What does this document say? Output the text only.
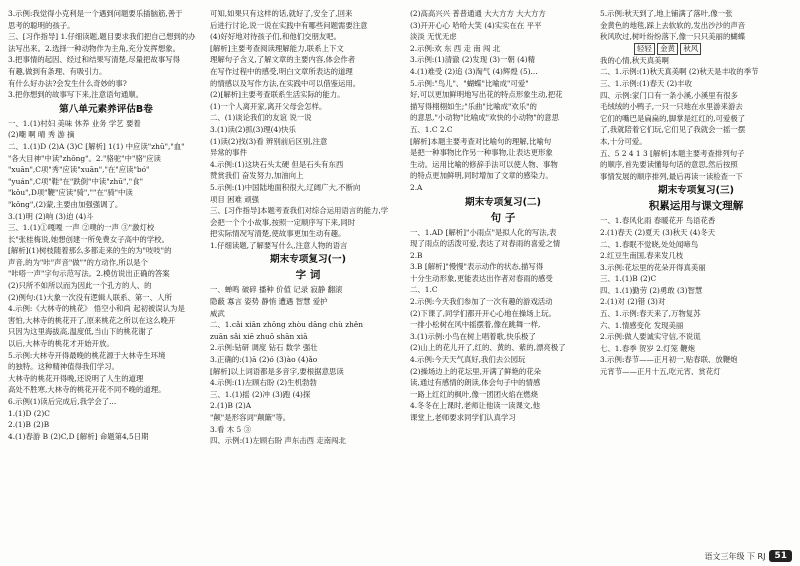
3.示例:我觉得小克利是一个遇到问题要乐插脑筋,善于
思考的聪明的孩子。
三、[习作指导] 1.仔细读题,题目要求我们把自己想到的办
法写出来。2.选择一种动物作为主角,充分发挥想象。
3.把事情的起因、经过和结果写清楚,尽量把故事写得
有趣,做到有条理、有吸引力。
有什么好办法?会发生什么奇妙的事?
3.把你想到的故事写下来,注意语句通顺。
第八单元素养评估B卷
一、1.(1)村妇 美味 休养 业务 学艺 要着
(2)嘲 啊 晴 秀 游 摘
二、1.(1)D (2)A (3)C [解析] 1(1) 中应读"zhū","血"
"各大目神"中读"zhōng"。2."骆驼"中"骆"应读
"xuān",C项"秀"应读"xuān","在"应读"bó"
"yuán",C项"鞋"在"跌倒"中读"zhū","食"
"kǒu",D项"鞭"应读"骑",""在"骑"中读
"kǒng",(2)蒙,主要由加强强调了。
3.(1)明 (2)响 (3)迫 (4)斗
三、1.(1)①嘎嘎 一声 ②噗的一声 ③"激灯校
长"张桂梅说,她想创建一所免费女子高中的学校。
[解析](1)树枝随着那么多都走来的生的为"吱吱"的
声音,的为"咔"声音"做""的方动作,所以是个
"咔嗒一声"字句示范写法。2.模仿说出正确的答案
(2)只所不如所以而为因此一个孔方的人、的
(2)例句:(1)大象一次没有逻辑人联系、第一、人所
4.示例:《大林寺的桃花》 悟空小和尚 起初被误认为是
害怕,大林寺的桃花开了,原来桃花之所以在这么晚开
只因为这里海拔高,温度低,当山下的桃花谢了
以后,大林寺的桃花才开始开放。
5.示例:大林寺开得最晚的桃花源于大林寺生环境
的独特。这种精神值得我们学习。
大林寺的桃花开得晚,还说明了人生的道理
高处不胜寒,大林寺的桃花开花不同不晚的道理。
6.示例(1)读后完成后,我学会了...
1.(1)D (2)C
2.(1)B (2)B
4.(1)春游 B (2)C,D [解析] 命题第4,5日期
可知,如果只有这样的话,就好了,安全了,回来
后进行讨论,说一说在实践中有哪些问题需要注意
(4)好好地对待孩子们,和他们交朋友吧。
[解析]主要考查阅读理解能力,联系上下文
理解句子含义,了解文章的主要内容,体会作者
在写作过程中的感受,明白文章所表达的道理
的情感以及写作方法,在实践中可以借鉴运用。
(2)[解析]主要考查联系生活实际的能力。
(1)一个人离开家,离开父母会怎样。
二、(1)谈论我们的友谊 说一说
3.(1)读(2)抓(3)理(4)快乐
(1)读(2)找(3)看 辨别前后区别,注意
异常的事件
4.示例:(1)这块石头太硬 但是石头有东西
赞赏我们 奋发努力,加油向上
5.示例:(1)中国陆地面积很大,辽阔广大,不断向
项目 困难 顽强
三、[习作指导]本题考查我们对综合运用语言的能力,学
会把一个个小故事,按照一定顺序写下来,同时
把实际情况写清楚,使故事更加生动有趣。
1.仔细读题,了解要写什么,注意人物的语言
期末专项复习(一)
字 词
一、蝉鸣 破碎 播种 价值 记录 寂静 翻滚
隐蔽 寡言 姿势 静悄 遭遇 智慧 爱护
威武
二、1.cǎi xiān zhōng zhòu dāng chù zhěn
zuān sǎi xiē zhuō shān xiā
2.示例:钻研 调度 钻石 数学 强壮
3.正确的:(1)ā (2)ó (3)ào (4)ǎo
[解析]以上词语都是多音字,要根据意思读
4.示例:(1)左顾右盼 (2)生机勃勃
三、1.(1)摇 (2)冲 (3)跑 (4)探
2.(1)B (2)A
"颠"是形容词"颠簸"等。
3.看 木 5 ③
四、示例:(1)左顾右盼 声东击西 走南闯北
(2)高高兴兴 普普通通 大大方方 大大方方
(3)开开心心 哈哈大笑 (4)实实在在 平平
淡淡 无忧无虑
2.示例:欢 东 西 走 南 闯 北
3.示例:(1)清澈 (2)发现 (3)一朝 (4)精
4.(1)难受 (2)追 (3)淘气 (4)辉煌 (5)...
5.示例:"鸟儿"、"蝴蝶"比喻成"可爱"
好,可以更加鲜明地写出花的特点形象生动,把花
描写得栩栩如生;"乐曲"比喻成"欢乐"的
的意思,"小动物"比喻成"欢快的小动物"的意思
五、1.C 2.C
[解析]本题主要考查对比喻句的理解,比喻句
是把一种事物比作另一种事物,让表达更形象
生动。运用比喻的修辞手法可以使人物、事物
的特点更加鲜明,同时增加了文章的感染力。
2.A
期末专项复习(二)
句 子
一、1.AD [解析]"小雨点"是拟人化的写法,表
现了雨点的活泼可爱,表达了对春雨的喜爱之情
2.B
3.B [解析]"慢慢"表示动作的状态,描写得
十分生动形象,更能表达出作者对春雨的感受
二、1.C
2.示例:今天我们参加了一次有趣的游戏活动
(2)下课了,同学们都开开心心地在操场上玩。
一排小松树在风中摇摆着,像在跳舞一样,
3.(1)示例:小鸟在树上唱着歌,快乐极了
(2)山上的花儿开了,红的、黄的、紫的,漂亮极了
4.示例:今天天气真好,我们去公园玩
(2)操场边上的花坛里,开满了鲜艳的花朵
读,通过有感情的朗读,体会句子中的情感
一路上红红的枫叶,像一团团火焰在燃烧
4.冬冬在上课时,老师让他读一读课文,他
课堂上,老师要求同学们认真学习
5.示例:秋天到了,地上铺满了落叶,像一张
金黄色的地毯,踩上去软软的,发出沙沙的声音
秋风吹过,树叶纷纷落下,像一只只美丽的蝴蝶
轻轻 金黄 秋风
我的心情,秋天真美啊
二、1.示例:(1)秋天真美啊 (2)秋天是丰收的季节
三、1.示例:(1)春天 (2)丰收
四、示例:家门口有一条小溪,小溪里有很多
毛绒绒的小鸭子,一只一只地在水里游来游去
它们的嘴巴是扁扁的,脚掌是红红的,可爱极了
了,我就陪着它们玩,它们见了我就会一摇一摆
本,十分可爱。
五、5 2 4 1 3 [解析]本题主要考查排列句子
的顺序,首先要读懂每句话的意思,然后按照
事情发展的顺序排列,最后再读一读检查一下
期末专项复习(三)
积累运用与课文理解
一、1.春风化雨 春暖花开 鸟语花香
2.(1)春天 (2)夏天 (3)秋天 (4)冬天
二、1.春眠不觉晓,处处闻啼鸟
2.红豆生南国,春来发几枝
3.示例:花坛里的花朵开得真美丽
三、1.(1)B (2)C
四、1.(1)勤劳 (2)勇敢 (3)智慧
2.(1)对 (2)错 (3)对
五、1.示例:春天来了,万物复苏
六、1.情感变化 发现美丽
2.示例:做人要诚实守信,不说谎
七、1.春季 贺岁 2.灯笼 鞭炮
3.示例:春节——正月初一,贴春联、放鞭炮
元宵节——正月十五,吃元宵、赏花灯
语文三年级 下 RJ	51
